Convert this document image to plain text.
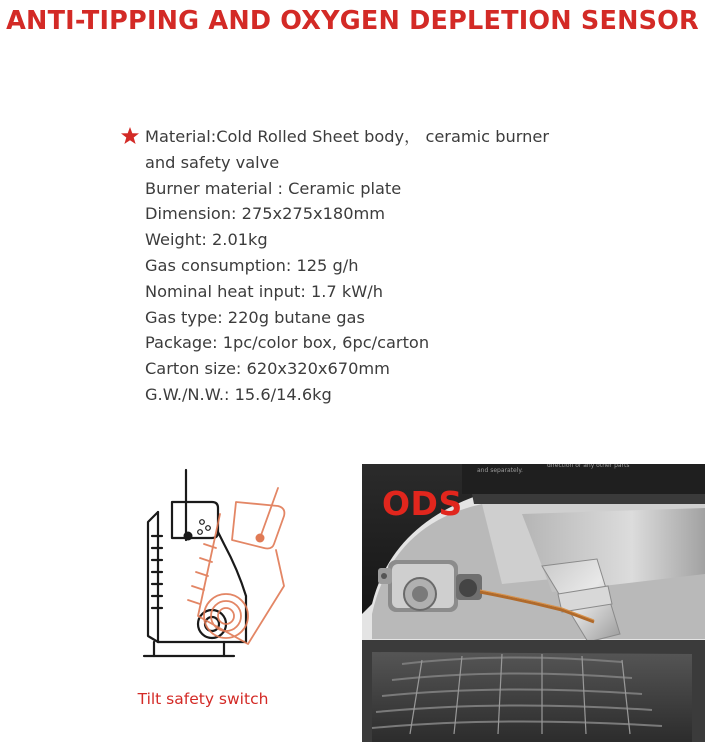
ANTI-TIPPING AND OXYGEN DEPLETION SENSOR
Material:Cold Rolled Sheet body， ceramic burner
and safety valve
Burner material : Ceramic plate
Dimension: 275x275x180mm
Weight: 2.01kg
Gas consumption: 125 g/h
Nominal heat input: 1.7 kW/h
Gas type: 220g butane gas
Package: 1pc/color box, 6pc/carton
Carton size: 620x320x670mm
G.W./N.W.: 15.6/14.6kg
Tilt safety switch
and separately.
direction or any other parts
ODS
